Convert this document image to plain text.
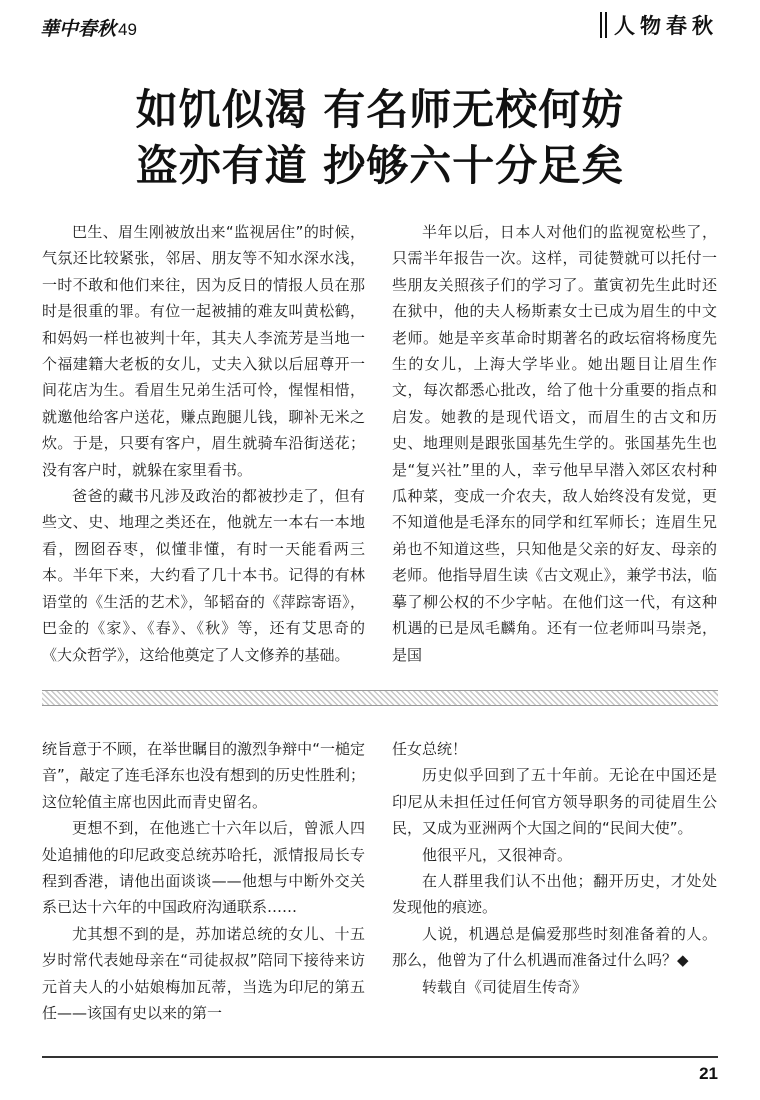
華中春秋 49	人物春秋
如饥似渴 有名师无校何妨
盗亦有道 抄够六十分足矣

巴生、眉生刚被放出来“监视居住”的时候，气氛还比较紧张，邻居、朋友等不知水深水浅，一时不敢和他们来往，因为反日的情报人员在那时是很重的罪。有位一起被捕的难友叫黄松鹤，和妈妈一样也被判十年，其夫人李流芳是当地一个福建籍大老板的女儿，丈夫入狱以后屈尊开一间花店为生。看眉生兄弟生活可怜，惺惺相惜，就邀他给客户送花，赚点跑腿儿钱，聊补无米之炊。于是，只要有客户，眉生就骑车沿街送花；没有客户时，就躲在家里看书。

爸爸的藏书凡涉及政治的都被抄走了，但有些文、史、地理之类还在，他就左一本右一本地看，囫囵吞枣，似懂非懂，有时一天能看两三本。半年下来，大约看了几十本书。记得的有林语堂的《生活的艺术》，邹韬奋的《萍踪寄语》，巴金的《家》、《春》、《秋》等，还有艾思奇的《大众哲学》，这给他奠定了人文修养的基础。

半年以后，日本人对他们的监视宽松些了，只需半年报告一次。这样，司徒赞就可以托付一些朋友关照孩子们的学习了。董寅初先生此时还在狱中，他的夫人杨斯素女士已成为眉生的中文老师。她是辛亥革命时期著名的政坛宿将杨度先生的女儿，上海大学毕业。她出题目让眉生作文，每次都悉心批改，给了他十分重要的指点和启发。她教的是现代语文，而眉生的古文和历史、地理则是跟张国基先生学的。张国基先生也是“复兴社”里的人，幸亏他早早潜入郊区农村种瓜种菜，变成一介农夫，敌人始终没有发觉，更不知道他是毛泽东的同学和红军师长；连眉生兄弟也不知道这些，只知他是父亲的好友、母亲的老师。他指导眉生读《古文观止》，兼学书法，临摹了柳公权的不少字帖。在他们这一代，有这种机遇的已是凤毛麟角。还有一位老师叫马崇尧，是国

统旨意于不顾，在举世瞩目的激烈争辩中“一槌定音”，敲定了连毛泽东也没有想到的历史性胜利；这位轮值主席也因此而青史留名。

更想不到，在他逃亡十六年以后，曾派人四处追捕他的印尼政变总统苏哈托，派情报局长专程到香港，请他出面谈谈——他想与中断外交关系已达十六年的中国政府沟通联系……

尤其想不到的是，苏加诺总统的女儿、十五岁时常代表她母亲在“司徒叔叔”陪同下接待来访元首夫人的小姑娘梅加瓦蒂，当选为印尼的第五任——该国有史以来的第一

任女总统！

历史似乎回到了五十年前。无论在中国还是印尼从未担任过任何官方领导职务的司徒眉生公民，又成为亚洲两个大国之间的“民间大使”。

他很平凡，又很神奇。

在人群里我们认不出他；翻开历史，才处处发现他的痕迹。

人说，机遇总是偏爱那些时刻准备着的人。那么，他曾为了什么机遇而准备过什么吗？◆

转载自《司徒眉生传奇》

21
